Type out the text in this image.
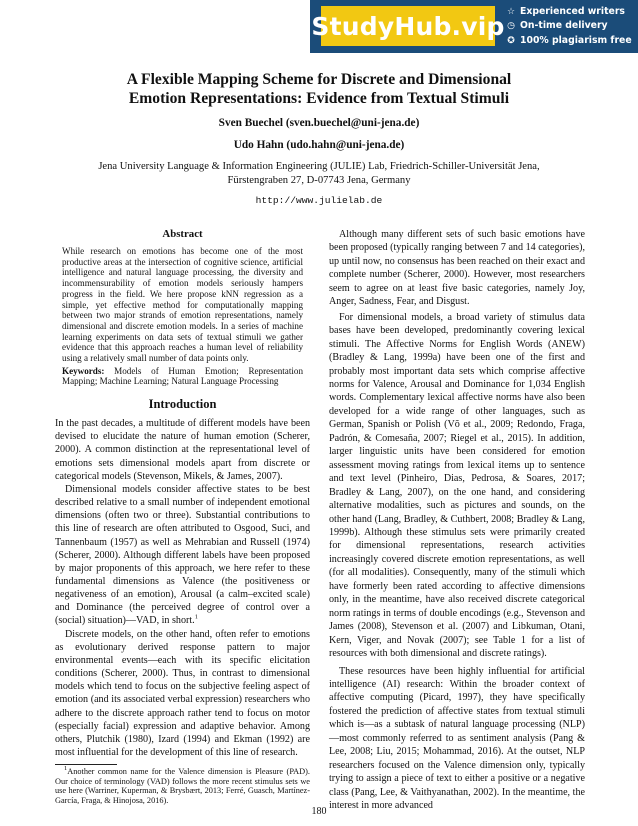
StudyHub.vip ☆ Experienced writers
◷ On-time delivery
✪ 100% plagiarism free
A Flexible Mapping Scheme for Discrete and Dimensional
Emotion Representations: Evidence from Textual Stimuli
Sven Buechel (sven.buechel@uni-jena.de)
Udo Hahn (udo.hahn@uni-jena.de)
Jena University Language & Information Engineering (JULIE) Lab, Friedrich-Schiller-Universität Jena,
Fürstengraben 27, D-07743 Jena, Germany
http://www.julielab.de
Abstract

While research on emotions has become one of the most productive areas at the intersection of cognitive science, artificial intelligence and natural language processing, the diversity and incommensurability of emotion models seriously hampers progress in the field. We here propose kNN regression as a simple, yet effective method for computationally mapping between two major strands of emotion representations, namely dimensional and discrete emotion models. In a series of machine learning experiments on data sets of textual stimuli we gather evidence that this approach reaches a human level of reliability using a relatively small number of data points only.

Keywords: Models of Human Emotion; Representation Mapping; Machine Learning; Natural Language Processing

Introduction

In the past decades, a multitude of different models have been devised to elucidate the nature of human emotion (Scherer, 2000). A common distinction at the representational level of emotions sets dimensional models apart from discrete or categorical models (Stevenson, Mikels, & James, 2007).

Dimensional models consider affective states to be best described relative to a small number of independent emotional dimensions (often two or three). Substantial contributions to this line of research are often attributed to Osgood, Suci, and Tannenbaum (1957) as well as Mehrabian and Russell (1974) (Scherer, 2000). Although different labels have been proposed by major proponents of this approach, we here refer to these fundamental dimensions as Valence (the positiveness or negativeness of an emotion), Arousal (a calm–excited scale) and Dominance (the perceived degree of control over a (social) situation)—VAD, in short.$^1$

Discrete models, on the other hand, often refer to emotions as evolutionary derived response pattern to major environmental events—each with its specific elicitation conditions (Scherer, 2000). Thus, in contrast to dimensional models which tend to focus on the subjective feeling aspect of emotion (and its associated verbal expression) researchers who adhere to the discrete approach rather tend to focus on motor (especially facial) expression and adaptive behavior. Among others, Plutchik (1980), Izard (1994) and Ekman (1992) are most influential for the development of this line of research.

$^1$Another common name for the Valence dimension is Pleasure (PAD). Our choice of terminology (VAD) follows the more recent stimulus sets we use here (Warriner, Kuperman, & Brysbært, 2013; Ferré, Guasch, Martínez-García, Fraga, & Hinojosa, 2016).

Although many different sets of such basic emotions have been proposed (typically ranging between 7 and 14 categories), up until now, no consensus has been reached on their exact and complete number (Scherer, 2000). However, most researchers seem to agree on at least five basic categories, namely Joy, Anger, Sadness, Fear, and Disgust.

For dimensional models, a broad variety of stimulus data bases have been developed, predominantly covering lexical stimuli. The Affective Norms for English Words (ANEW) (Bradley & Lang, 1999a) have been one of the first and probably most important data sets which comprise affective norms for Valence, Arousal and Dominance for 1,034 English words. Complementary lexical affective norms have also been developed for a wide range of other languages, such as German, Spanish or Polish (Võ et al., 2009; Redondo, Fraga, Padrón, & Comesaña, 2007; Riegel et al., 2015). In addition, larger linguistic units have been considered for emotion assessment moving ratings from lexical items up to sentence and text level (Pinheiro, Dias, Pedrosa, & Soares, 2017; Bradley & Lang, 2007), on the one hand, and considering alternative modalities, such as pictures and sounds, on the other hand (Lang, Bradley, & Cuthbert, 2008; Bradley & Lang, 1999b). Although these stimulus sets were primarily created for dimensional representations, research activities increasingly covered discrete emotion representations, as well (for all modalities). Consequently, many of the stimuli which have formerly been rated according to affective dimensions only, in the meantime, have also received discrete categorical norm ratings in terms of double encodings (e.g., Stevenson and James (2008), Stevenson et al. (2007) and Libkuman, Otani, Kern, Viger, and Novak (2007); see Table 1 for a list of resources with both dimensional and discrete ratings).

These resources have been highly influential for artificial intelligence (AI) research: Within the broader context of affective computing (Picard, 1997), they have specifically fostered the prediction of affective states from textual stimuli which is—as a subtask of natural language processing (NLP)—most commonly referred to as sentiment analysis (Pang & Lee, 2008; Liu, 2015; Mohammad, 2016). At the outset, NLP researchers focused on the Valence dimension only, typically trying to assign a piece of text to either a positive or a negative class (Pang, Lee, & Vaithyanathan, 2002). In the meantime, the interest in more advanced

180
